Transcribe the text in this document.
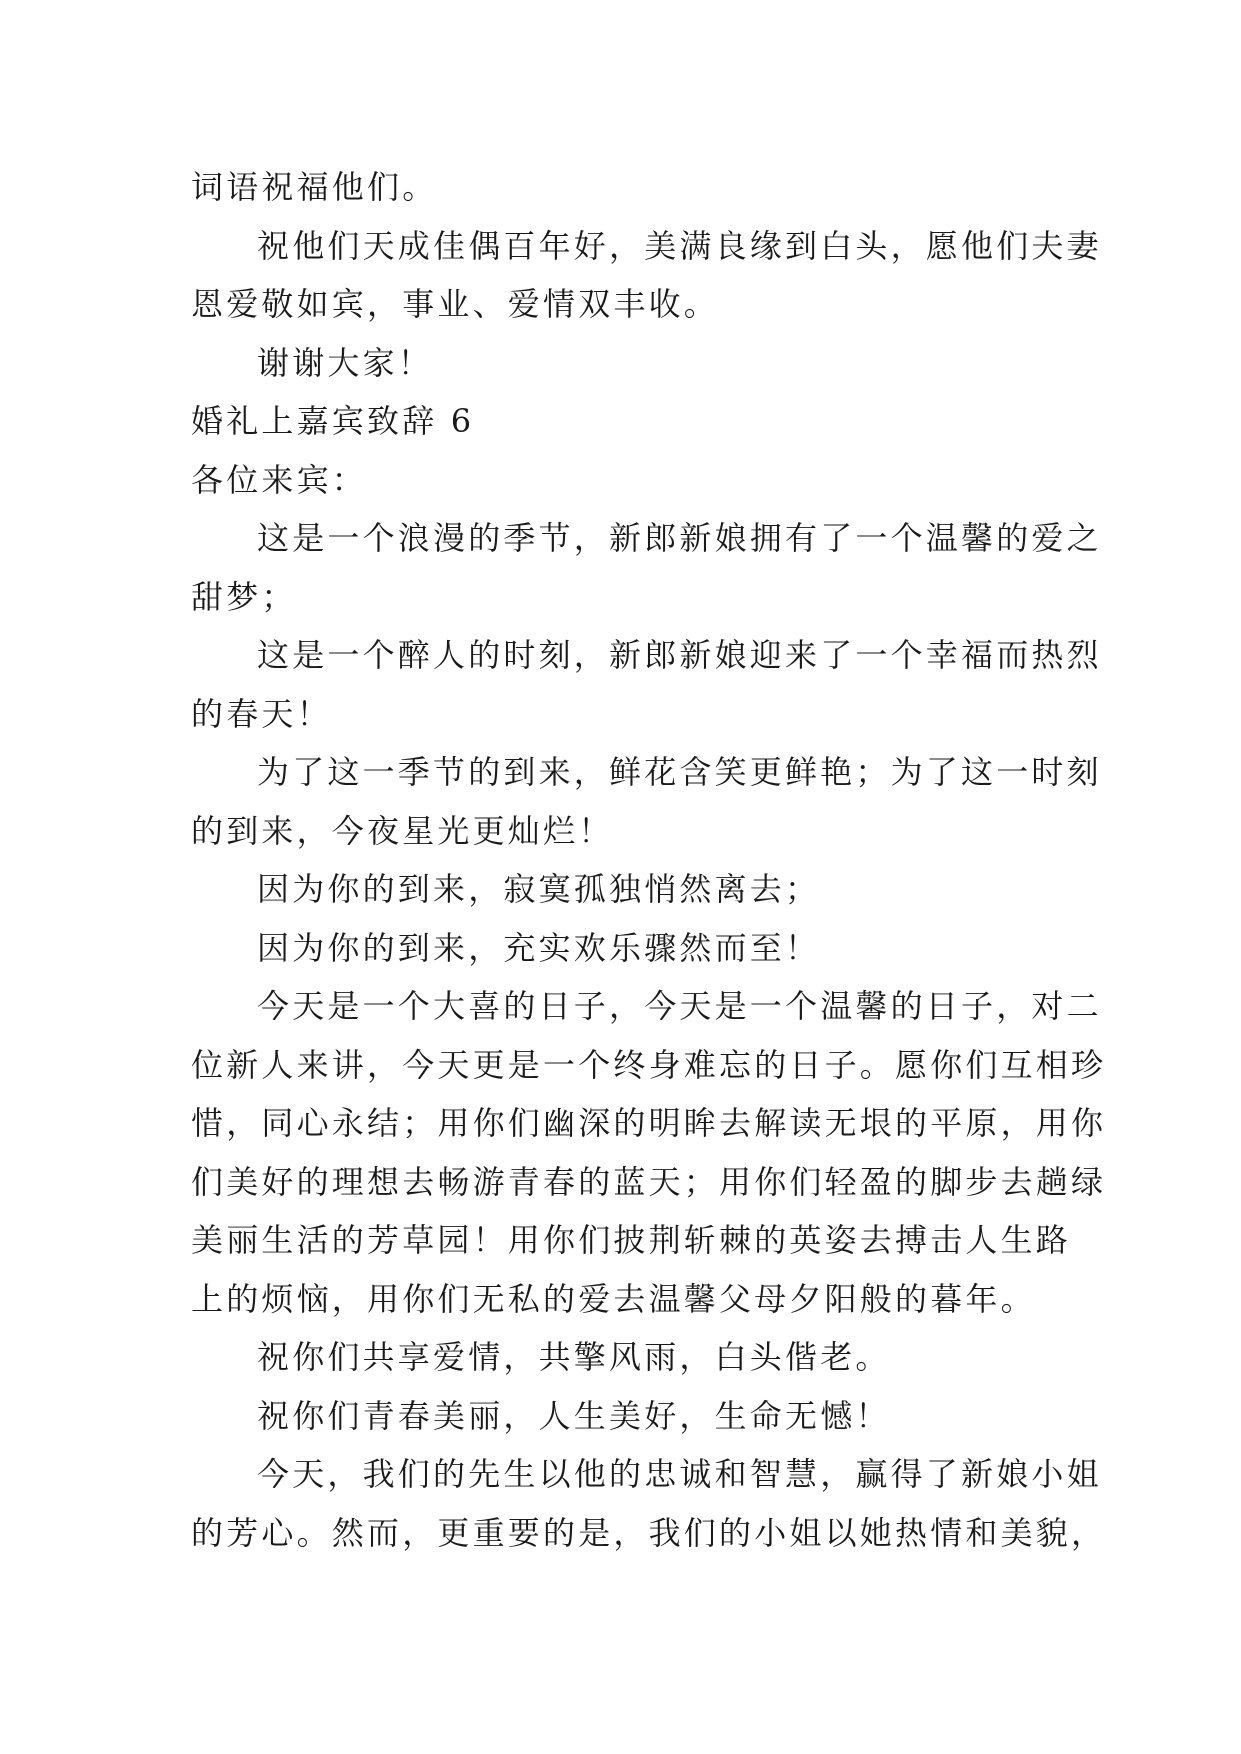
词语祝福他们。
祝他们天成佳偶百年好，美满良缘到白头，愿他们夫妻
恩爱敬如宾，事业、爱情双丰收。
谢谢大家！
婚礼上嘉宾致辞 6
各位来宾：
这是一个浪漫的季节，新郎新娘拥有了一个温馨的爱之
甜梦；
这是一个醉人的时刻，新郎新娘迎来了一个幸福而热烈
的春天！
为了这一季节的到来，鲜花含笑更鲜艳；为了这一时刻
的到来，今夜星光更灿烂！
因为你的到来，寂寞孤独悄然离去；
因为你的到来，充实欢乐骤然而至！
今天是一个大喜的日子，今天是一个温馨的日子，对二
位新人来讲，今天更是一个终身难忘的日子。愿你们互相珍
惜，同心永结；用你们幽深的明眸去解读无垠的平原，用你
们美好的理想去畅游青春的蓝天；用你们轻盈的脚步去趟绿
美丽生活的芳草园！用你们披荆斩棘的英姿去搏击人生路
上的烦恼，用你们无私的爱去温馨父母夕阳般的暮年。
祝你们共享爱情，共擎风雨，白头偕老。
祝你们青春美丽，人生美好，生命无憾！
今天，我们的先生以他的忠诚和智慧，赢得了新娘小姐
的芳心。然而，更重要的是，我们的小姐以她热情和美貌，
